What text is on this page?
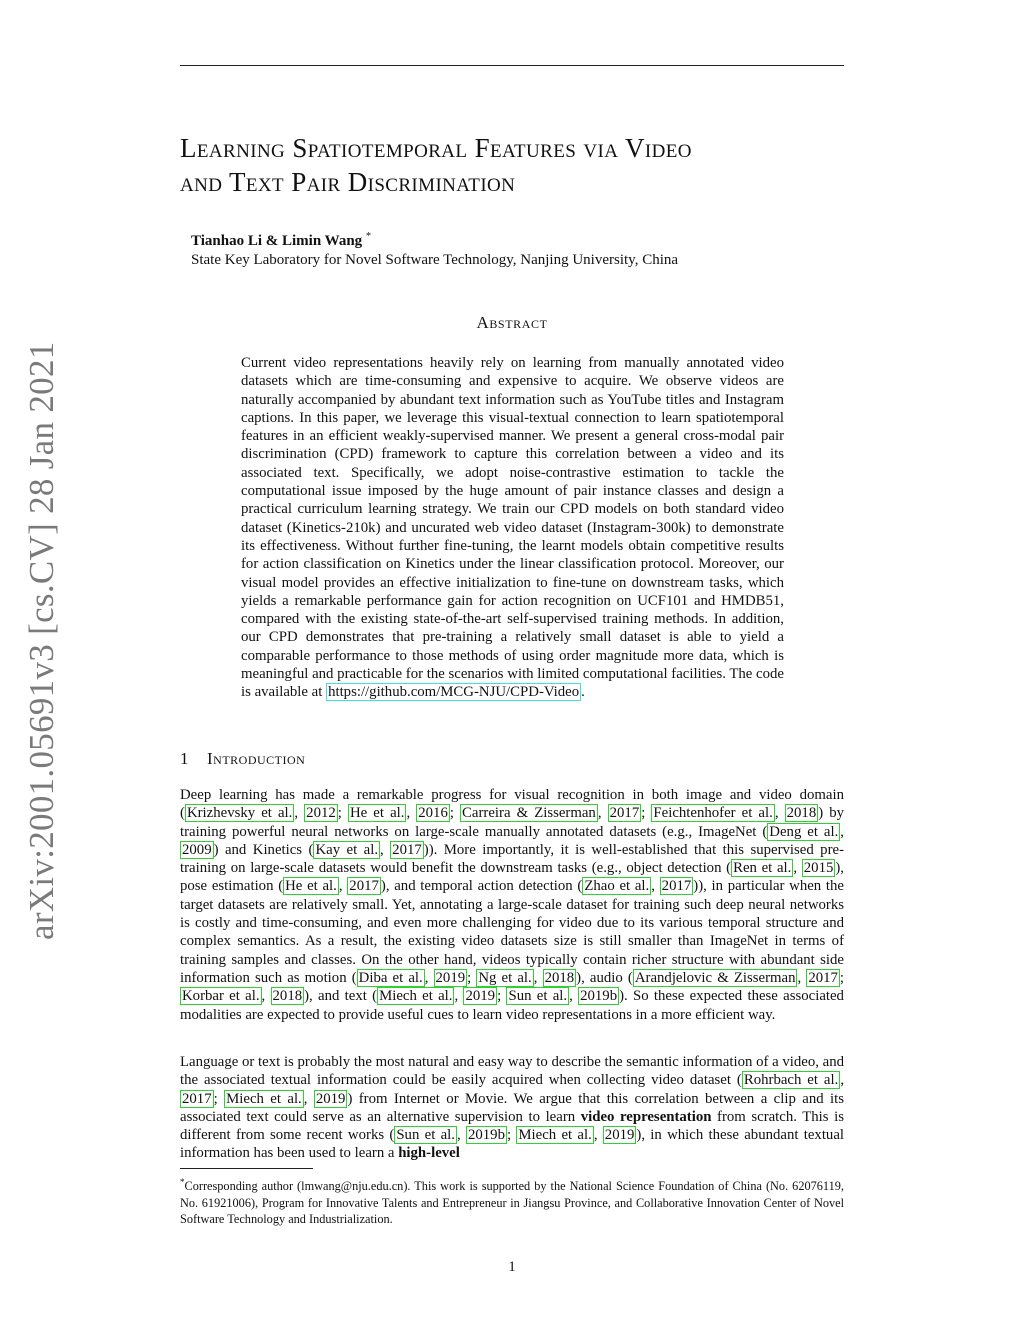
arXiv:2001.05691v3 [cs.CV] 28 Jan 2021
Learning Spatiotemporal Features via Video
and Text Pair Discrimination
Tianhao Li & Limin Wang *
State Key Laboratory for Novel Software Technology, Nanjing University, China
Abstract

Current video representations heavily rely on learning from manually annotated video datasets which are time-consuming and expensive to acquire. We observe videos are naturally accompanied by abundant text information such as YouTube titles and Instagram captions. In this paper, we leverage this visual-textual connection to learn spatiotemporal features in an efficient weakly-supervised manner. We present a general cross-modal pair discrimination (CPD) framework to capture this correlation between a video and its associated text. Specifically, we adopt noise-contrastive estimation to tackle the computational issue imposed by the huge amount of pair instance classes and design a practical curriculum learning strategy. We train our CPD models on both standard video dataset (Kinetics-210k) and uncurated web video dataset (Instagram-300k) to demonstrate its effectiveness. Without further fine-tuning, the learnt models obtain competitive results for action classification on Kinetics under the linear classification protocol. Moreover, our visual model provides an effective initialization to fine-tune on downstream tasks, which yields a remarkable performance gain for action recognition on UCF101 and HMDB51, compared with the existing state-of-the-art self-supervised training methods. In addition, our CPD demonstrates that pre-training a relatively small dataset is able to yield a comparable performance to those methods of using order magnitude more data, which is meaningful and practicable for the scenarios with limited computational facilities. The code is available at https://github.com/MCG-NJU/CPD-Video .

1 Introduction

Deep learning has made a remarkable progress for visual recognition in both image and video domain ( Krizhevsky et al. , 2012 ; He et al. , 2016 ; Carreira & Zisserman , 2017 ; Feichtenhofer et al. , 2018 ) by training powerful neural networks on large-scale manually annotated datasets (e.g., ImageNet ( Deng et al. , 2009 ) and Kinetics ( Kay et al. , 2017 )). More importantly, it is well-established that this supervised pre-training on large-scale datasets would benefit the downstream tasks (e.g., object detection ( Ren et al. , 2015 ), pose estimation ( He et al. , 2017 ), and temporal action detection ( Zhao et al. , 2017 )), in particular when the target datasets are relatively small. Yet, annotating a large-scale dataset for training such deep neural networks is costly and time-consuming, and even more challenging for video due to its various temporal structure and complex semantics. As a result, the existing video datasets size is still smaller than ImageNet in terms of training samples and classes. On the other hand, videos typically contain richer structure with abundant side information such as motion ( Diba et al. , 2019 ; Ng et al. , 2018 ), audio ( Arandjelovic & Zisserman , 2017 ; Korbar et al. , 2018 ), and text ( Miech et al. , 2019 ; Sun et al. , 2019b ). So these expected these associated modalities are expected to provide useful cues to learn video representations in a more efficient way.

Language or text is probably the most natural and easy way to describe the semantic information of a video, and the associated textual information could be easily acquired when collecting video dataset ( Rohrbach et al. , 2017 ; Miech et al. , 2019 ) from Internet or Movie. We argue that this correlation between a clip and its associated text could serve as an alternative supervision to learn video representation from scratch. This is different from some recent works ( Sun et al. , 2019b ; Miech et al. , 2019 ), in which these abundant textual information has been used to learn a high-level

*Corresponding author (lmwang@nju.edu.cn). This work is supported by the National Science Foundation of China (No. 62076119, No. 61921006), Program for Innovative Talents and Entrepreneur in Jiangsu Province, and Collaborative Innovation Center of Novel Software Technology and Industrialization.

1
